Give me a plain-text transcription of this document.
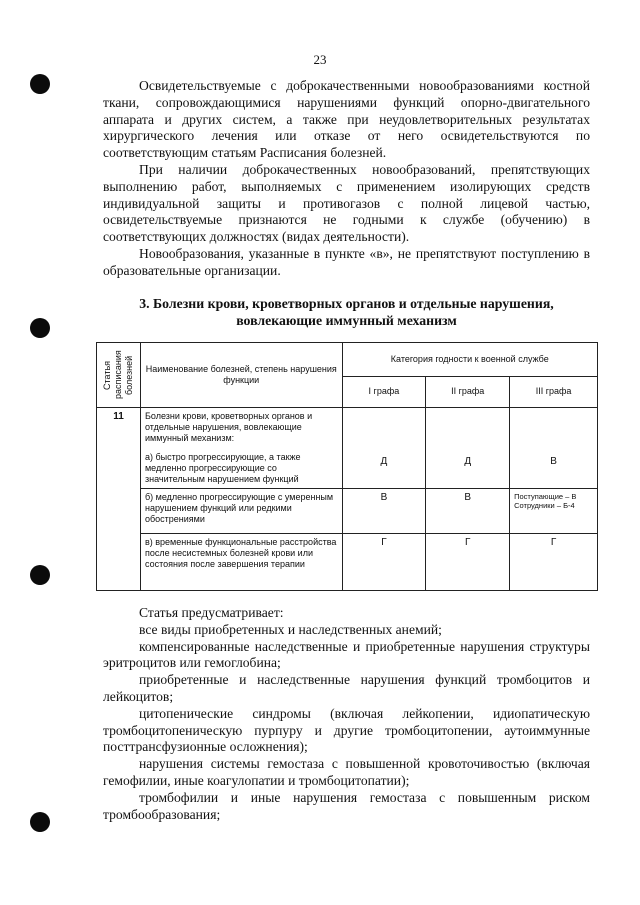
23

Освидетельствуемые с доброкачественными новообразованиями костной ткани, сопровождающимися нарушениями функций опорно-двигательного аппарата и других систем, а также при неудовлетворительных результатах хирургического лечения или отказе от него освидетельствуются по соответствующим статьям Расписания болезней.

При наличии доброкачественных новообразований, препятствующих выполнению работ, выполняемых с применением изолирующих средств индивидуальной защиты и противогазов с полной лицевой частью, освидетельствуемые признаются не годными к службе (обучению) в соответствующих должностях (видах деятельности).

Новообразования, указанные в пункте «в», не препятствуют поступлению в образовательные организации.

3. Болезни крови, кроветворных органов и отдельные нарушения,
вовлекающие иммунный механизм
Статья расписания болезней	Наименование болезней, степень нарушения функции	Категория годности к военной службе		
		I графа	II графа	III графа
11	Болезни крови, кроветворных органов и отдельные нарушения, вовлекающие иммунный механизм:
а) быстро прогрессирующие, а также медленно прогрессирующие со значительным нарушением функций	Д	Д	В
	б) медленно прогрессирующие с умеренным нарушением функций или редкими обострениями	В	В	Поступающие – В
Сотрудники – Б-4

	в) временные функциональные расстройства после несистемных болезней крови или состояния после завершения терапии	Г	Г	Г

Статья предусматривает:

все виды приобретенных и наследственных анемий;

компенсированные наследственные и приобретенные нарушения структуры эритроцитов или гемоглобина;

приобретенные и наследственные нарушения функций тромбоцитов и лейкоцитов;

цитопенические синдромы (включая лейкопении, идиопатическую тромбоцитопеническую пурпуру и другие тромбоцитопении, аутоиммунные посттрансфузионные осложнения);

нарушения системы гемостаза с повышенной кровоточивостью (включая гемофилии, иные коагулопатии и тромбоцитопатии);

тромбофилии и иные нарушения гемостаза с повышенным риском тромбообразования;
